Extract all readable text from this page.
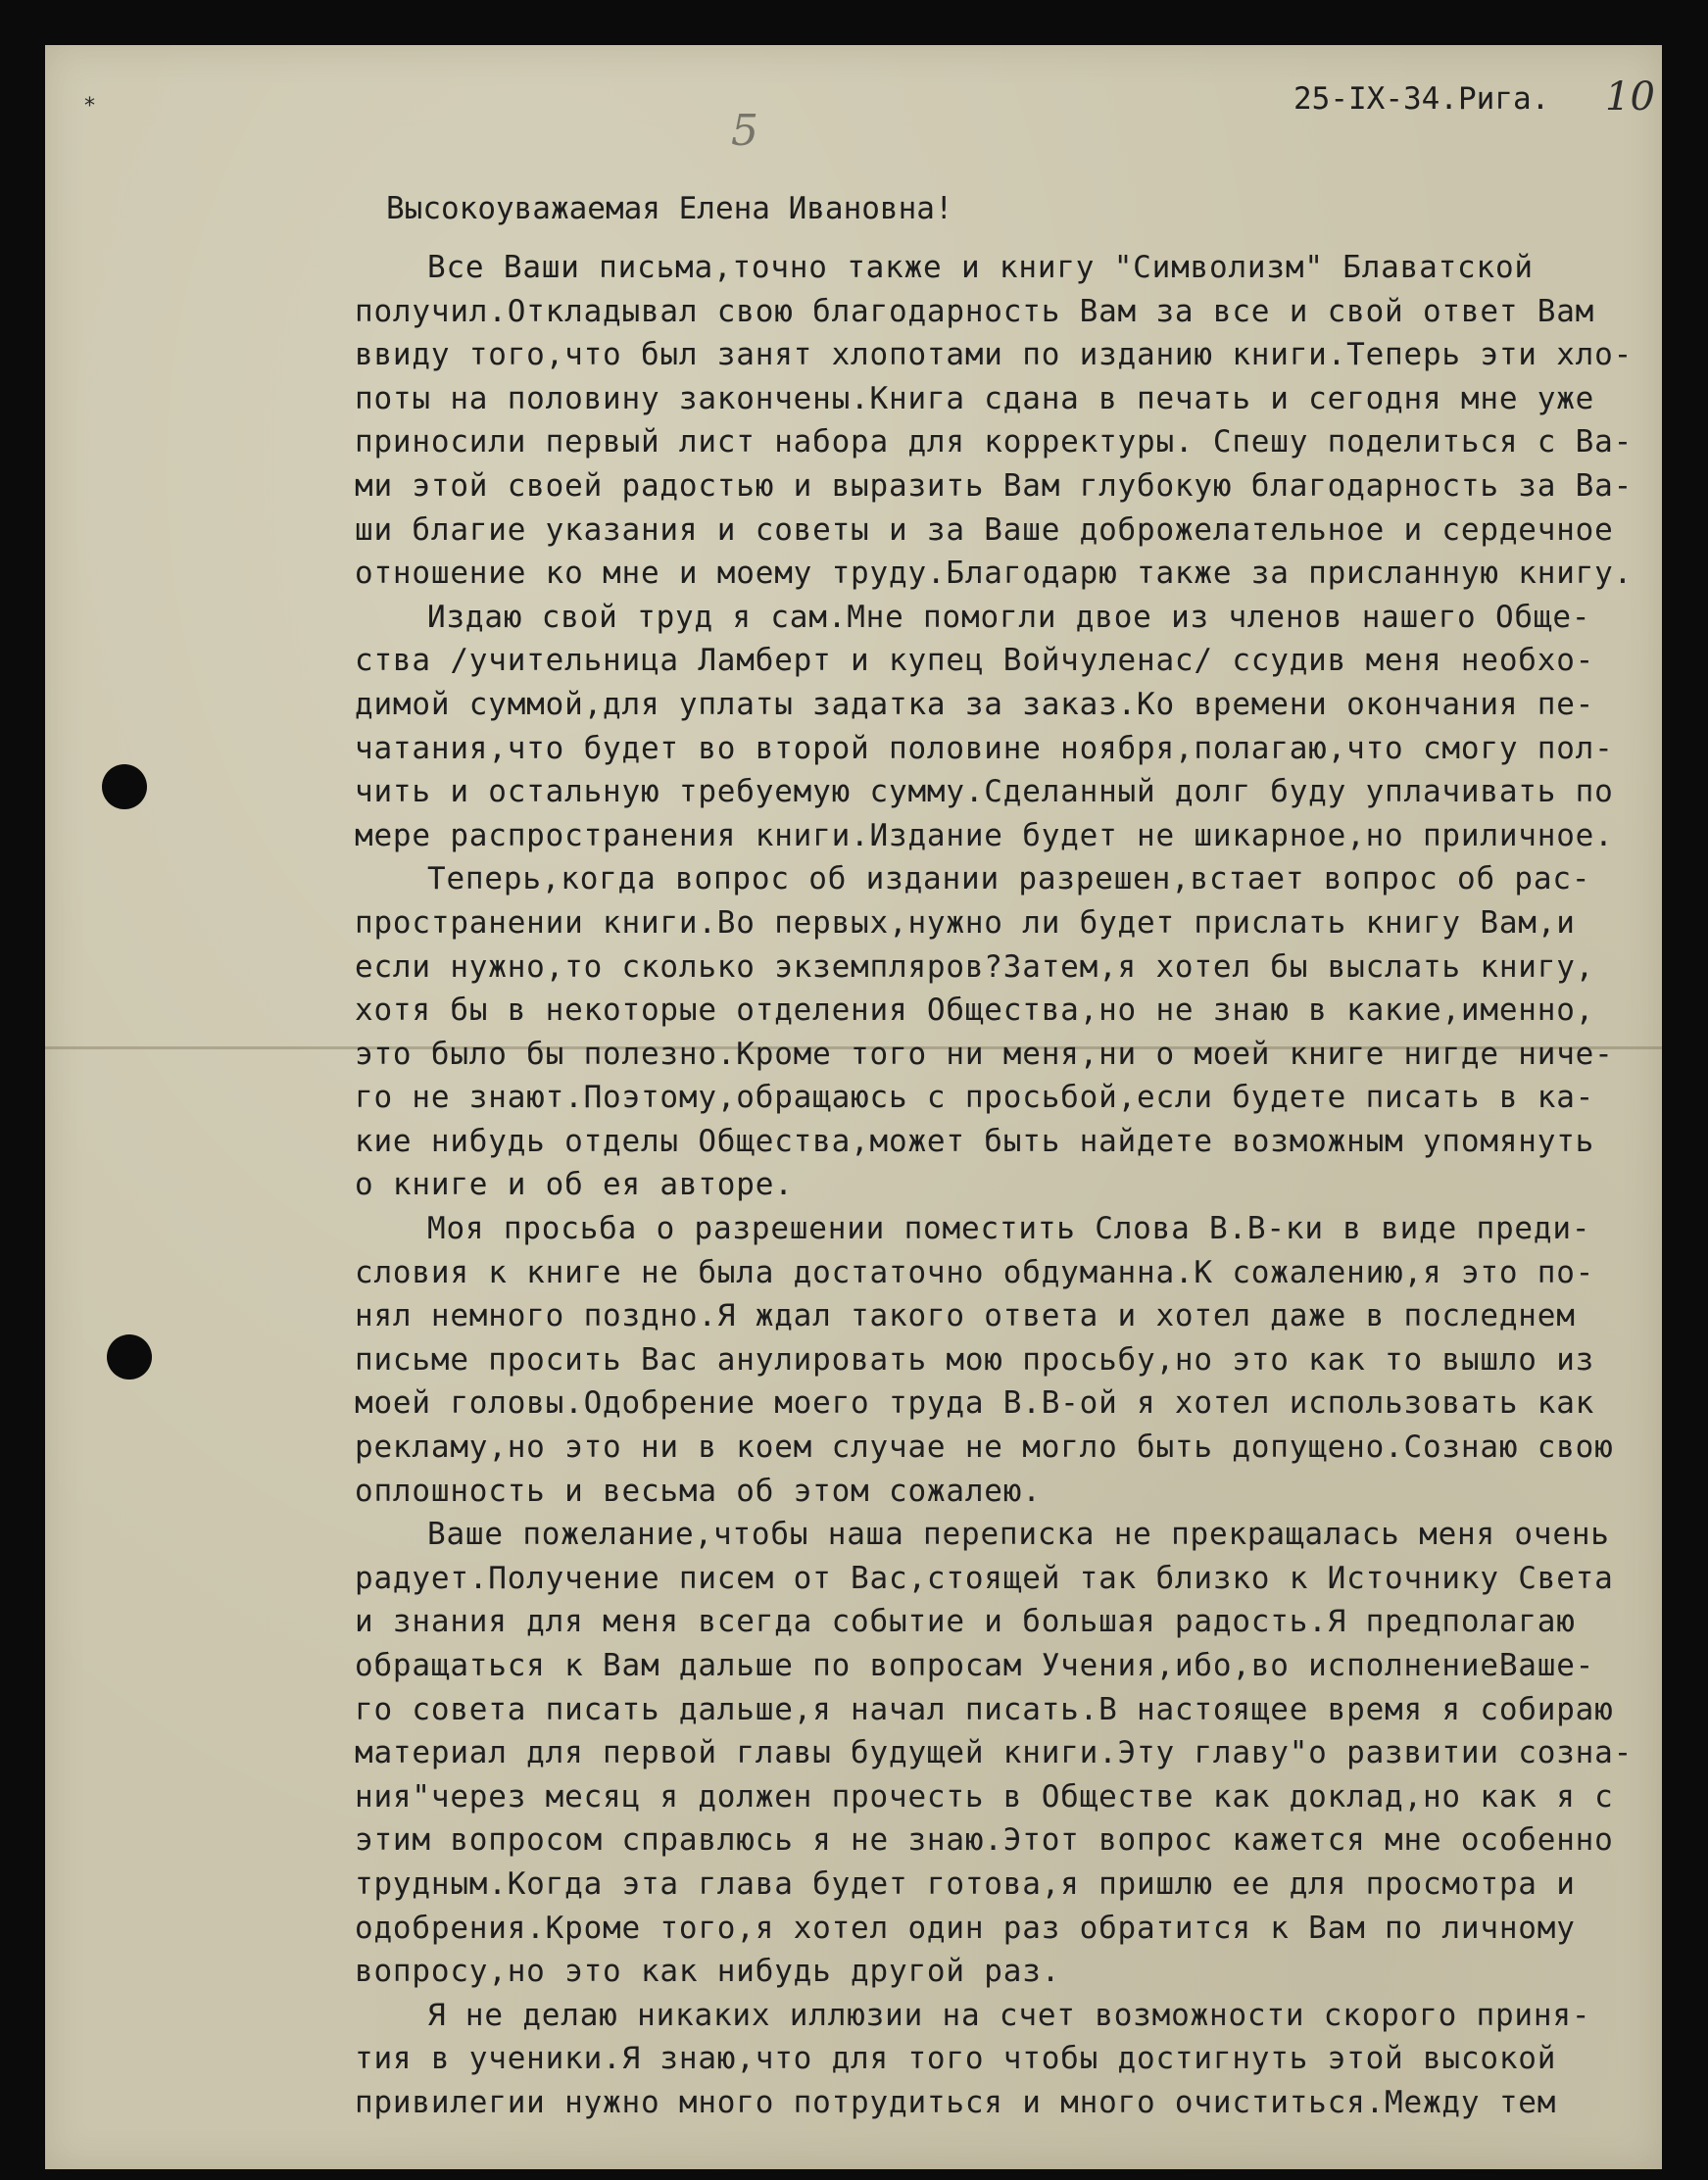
*	5
25-IX-34.Рига. 10
Высокоуважаемая Елена Ивановна!
Все Ваши письма,точно также и книгу "Символизм" Блаватской
получил.Откладывал свою благодарность Вам за все и свой ответ Вам
ввиду того,что был занят хлопотами по изданию книги.Теперь эти хло-
поты на половину закончены.Книга сдана в печать и сегодня мне уже
приносили первый лист набора для корректуры. Спешу поделиться с Ва-
ми этой своей радостью и выразить Вам глубокую благодарность за Ва-
ши благие указания и советы и за Ваше доброжелательное и сердечное
отношение ко мне и моему труду.Благодарю также за присланную книгу.
Издаю свой труд я сам.Мне помогли двое из членов нашего Обще-
ства /учительница Ламберт и купец Войчуленас/ ссудив меня необхо-
димой суммой,для уплаты задатка за заказ.Ко времени окончания пе-
чатания,что будет во второй половине ноября,полагаю,что смогу пол-
чить и остальную требуемую сумму.Сделанный долг буду уплачивать по
мере распространения книги.Издание будет не шикарное,но приличное.
Теперь,когда вопрос об издании разрешен,встает вопрос об рас-
пространении книги.Во первых,нужно ли будет прислать книгу Вам,и
если нужно,то сколько экземпляров?Затем,я хотел бы выслать книгу,
хотя бы в некоторые отделения Общества,но не знаю в какие,именно,
это было бы полезно.Кроме того ни меня,ни о моей книге нигде ниче-
го не знают.Поэтому,обращаюсь с просьбой,если будете писать в ка-
кие нибудь отделы Общества,может быть найдете возможным упомянуть
о книге и об ея авторе.
Моя просьба о разрешении поместить Слова В.В-ки в виде преди-
словия к книге не была достаточно обдуманна.К сожалению,я это по-
нял немного поздно.Я ждал такого ответа и хотел даже в последнем
письме просить Вас анулировать мою просьбу,но это как то вышло из
моей головы.Одобрение моего труда В.В-ой я хотел использовать как
рекламу,но это ни в коем случае не могло быть допущено.Сознаю свою
оплошность и весьма об этом сожалею.
Ваше пожелание,чтобы наша переписка не прекращалась меня очень
радует.Получение писем от Вас,стоящей так близко к Источнику Света
и знания для меня всегда событие и большая радость.Я предполагаю
обращаться к Вам дальше по вопросам Учения,ибо,во исполнениеВаше-
го совета писать дальше,я начал писать.В настоящее время я собираю
материал для первой главы будущей книги.Эту главу"о развитии созна-
ния"через месяц я должен прочесть в Обществе как доклад,но как я с
этим вопросом справлюсь я не знаю.Этот вопрос кажется мне особенно
трудным.Когда эта глава будет готова,я пришлю ее для просмотра и
одобрения.Кроме того,я хотел один раз обратится к Вам по личному
вопросу,но это как нибудь другой раз.
Я не делаю никаких иллюзии на счет возможности скорого приня-
тия в ученики.Я знаю,что для того чтобы достигнуть этой высокой
привилегии нужно много потрудиться и много очиститься.Между тем
